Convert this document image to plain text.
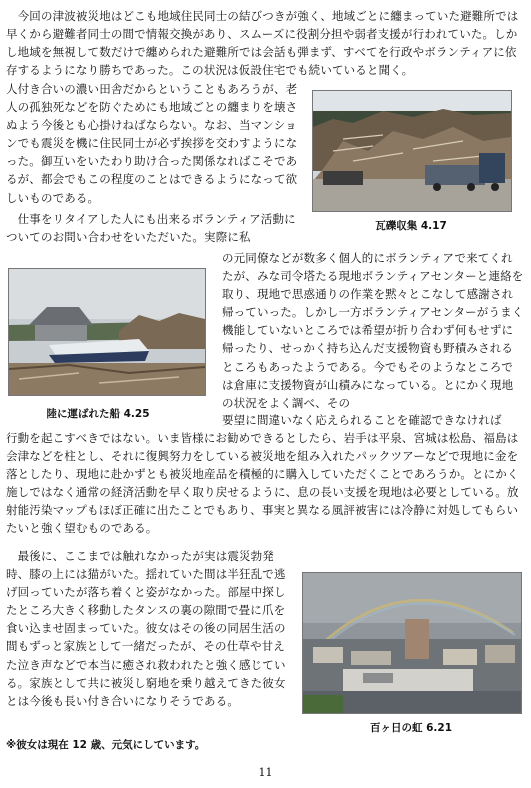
　今回の津波被災地はどこも地域住民同士の結びつきが強く、地域ごとに纏まっていた避難所では早くから避難者同士の間で情報交換があり、スムーズに役割分担や弱者支援が行われていた。しかし地域を無視して数だけで纏められた避難所では会話も弾まず、すべてを行政やボランティアに依存するようになり勝ちであった。この状況は仮設住宅でも続いていると聞く。
人付き合いの濃い田舎だからということもあろうが、老人の孤独死などを防ぐためにも地域ごとの纏まりを壊さぬよう今後とも心掛けねばならない。なお、当マンションでも震災を機に住民同士が必ず挨拶を交わすようになった。御互いをいたわり助け合った関係なればこそであるが、都会でもこの程度のことはできるようになって欲しいものである。
瓦礫収集 4.17
　仕事をリタイアした人にも出来るボランティア活動についてのお問い合わせをいただいた。実際に私
陸に運ばれた船 4.25
の元同僚などが数多く個人的にボランティアで来てくれたが、みな司令塔たる現地ボランティアセンターと連絡を取り、現地で思惑通りの作業を黙々とこなして感謝され帰っていった。しかし一方ボランティアセンターがうまく機能していないところでは希望が折り合わず何もせずに帰ったり、せっかく持ち込んだ支援物資も野積みされるところもあったようである。今でもそのようなところでは倉庫に支援物資が山積みになっている。とにかく現地の状況をよく調べ、その
要望に間違いなく応えられることを確認できなければ
行動を起こすべきではない。いま皆様にお勧めできるとしたら、岩手は平泉、宮城は松島、福島は会津などを柱とし、それに復興努力をしている被災地を組み入れたパックツアーなどで現地に金を落としたり、現地に赴かずとも被災地産品を積極的に購入していただくことであろうか。とにかく施しではなく通常の経済活動を早く取り戻せるように、息の長い支援を現地は必要としている。放射能汚染マップもほぼ正確に出たことでもあり、事実と異なる風評被害には冷静に対処してもらいたいと強く望むものである。
　最後に、ここまでは触れなかったが実は震災勃発時、膝の上には猫がいた。揺れていた間は半狂乱で逃げ回っていたが落ち着くと姿がなかった。部屋中探したところ大きく移動したタンスの裏の隙間で畳に爪を食い込ませ固まっていた。彼女はその後の同居生活の間もずっと家族として一緒だったが、その仕草や甘えた泣き声などで本当に癒され救われたと強く感じている。家族として共に被災し窮地を乗り越えてきた彼女とは今後も長い付き合いになりそうである。
百ヶ日の虹 6.21
※彼女は現在 12 歳、元気にしています。
11
